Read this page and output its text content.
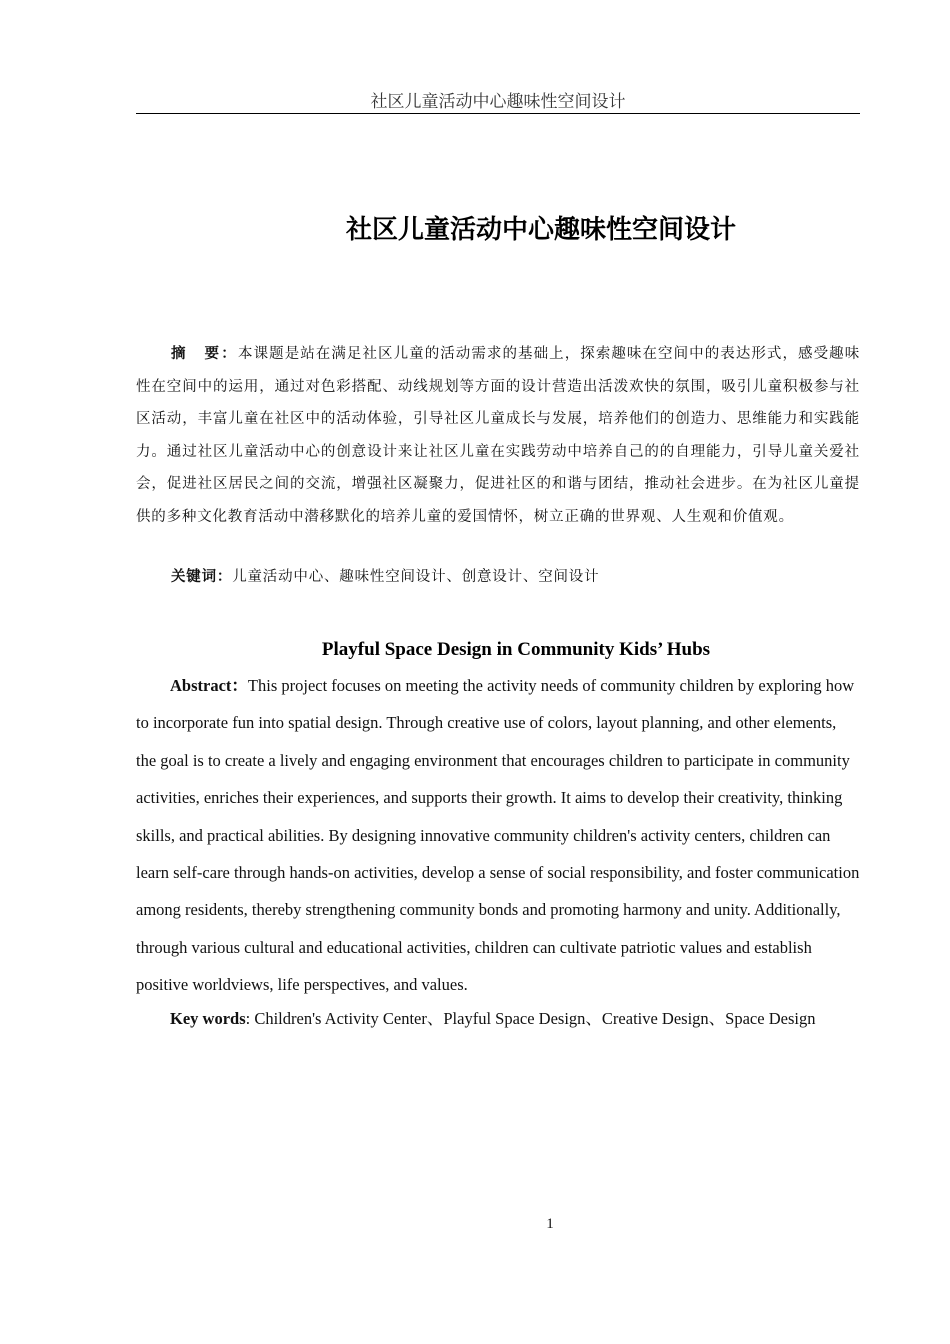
社区儿童活动中心趣味性空间设计
社区儿童活动中心趣味性空间设计

摘　要：本课题是站在满足社区儿童的活动需求的基础上，探索趣味在空间中的表达形式，感受趣味性在空间中的运用，通过对色彩搭配、动线规划等方面的设计营造出活泼欢快的氛围，吸引儿童积极参与社区活动，丰富儿童在社区中的活动体验，引导社区儿童成长与发展，培养他们的创造力、思维能力和实践能力。通过社区儿童活动中心的创意设计来让社区儿童在实践劳动中培养自己的的自理能力，引导儿童关爱社会，促进社区居民之间的交流，增强社区凝聚力，促进社区的和谐与团结，推动社会进步。在为社区儿童提供的多种文化教育活动中潜移默化的培养儿童的爱国情怀，树立正确的世界观、人生观和价值观。

关键词：儿童活动中心、趣味性空间设计、创意设计、空间设计

Playful Space Design in Community Kids’ Hubs

Abstract：This project focuses on meeting the activity needs of community children by exploring how to incorporate fun into spatial design. Through creative use of colors, layout planning, and other elements, the goal is to create a lively and engaging environment that encourages children to participate in community activities, enriches their experiences, and supports their growth. It aims to develop their creativity, thinking skills, and practical abilities. By designing innovative community children's activity centers, children can learn self-care through hands-on activities, develop a sense of social responsibility, and foster communication among residents, thereby strengthening community bonds and promoting harmony and unity. Additionally, through various cultural and educational activities, children can cultivate patriotic values and establish positive worldviews, life perspectives, and values.

Key words: Children's Activity Center、Playful Space Design、Creative Design、Space Design

1
